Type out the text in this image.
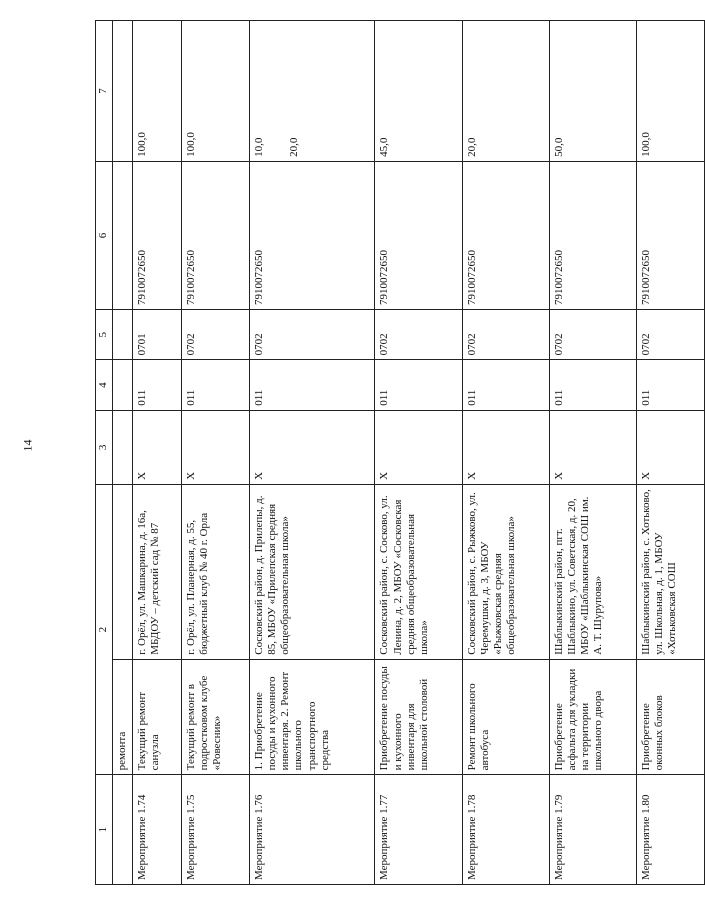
14
1	2		3	4	5	6	7
	ремонта						
Мероприятие 1.74	Текущий ремонт санузла	г. Орёл, ул. Машкарина, д. 16а, МБДОУ – детский сад № 87	X	011	0701	7910072650	100,0
Мероприятие 1.75	Текущий ремонт в подростковом клубе «Ровесник»	г. Орёл, ул. Планерная, д. 55, бюджетный клуб № 40 г. Орла	X	011	0702	7910072650	100,0
Мероприятие 1.76	1. Приобретение посуды и кухонного инвентаря. 2. Ремонт школьного транспортного средства	Сосковский район, д. Прилепы, д. 85, МБОУ «Прилепская средняя общеобразовательная школа»	X	011	0702	7910072650	10,0 20,0

Мероприятие 1.77	Приобретение посуды и кухонного инвентаря для школьной столовой	Сосковский район, с. Сосково, ул. Ленина, д. 2, МБОУ «Сосковская средняя общеобразовательная школа»	X	011	0702	7910072650	45,0
Мероприятие 1.78	Ремонт школьного автобуса	Сосковский район, с. Рыжково, ул. Черемушки, д. 3, МБОУ «Рыжковская средняя общеобразовательная школа»	X	011	0702	7910072650	20,0
Мероприятие 1.79	Приобретение асфальта для укладки на территории школьного двора	Шаблыкинский район, пгт. Шаблыкино, ул. Советская, д. 20, МБОУ «Шаблыкинская СОШ им. А. Т. Шурупова»	X	011	0702	7910072650	50,0
Мероприятие 1.80	Приобретение оконных блоков	Шаблыкинский район, с. Хотьково, ул. Школьная, д. 1, МБОУ «Хотьковская СОШ	X	011	0702	7910072650	100,0
